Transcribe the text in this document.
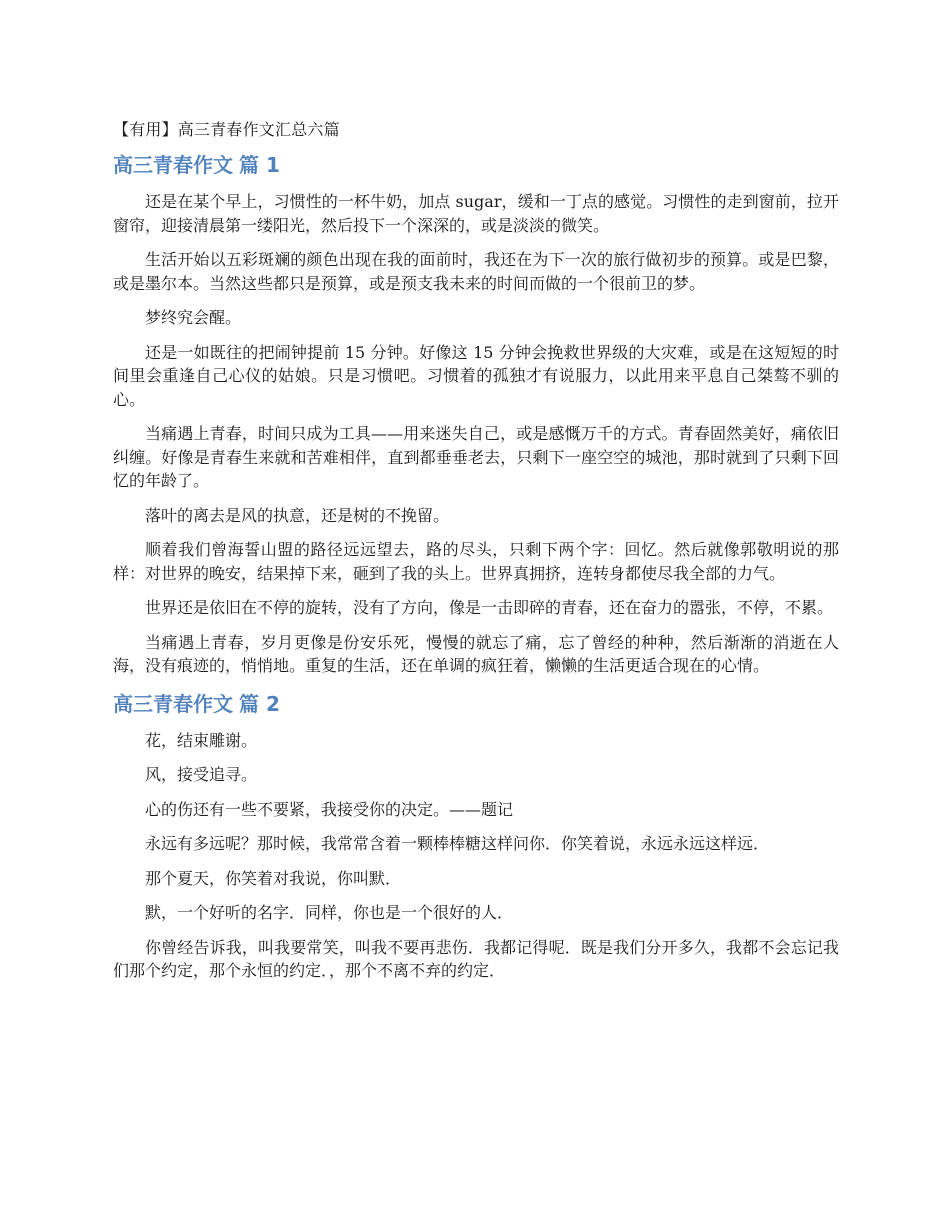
【有用】高三青春作文汇总六篇
高三青春作文 篇 1

还是在某个早上，习惯性的一杯牛奶，加点 sugar，缓和一丁点的感觉。习惯性的走到窗前，拉开窗帘，迎接清晨第一缕阳光，然后投下一个深深的，或是淡淡的微笑。

生活开始以五彩斑斓的颜色出现在我的面前时，我还在为下一次的旅行做初步的预算。或是巴黎，或是墨尔本。当然这些都只是预算，或是预支我未来的时间而做的一个很前卫的梦。

梦终究会醒。

还是一如既往的把闹钟提前 15 分钟。好像这 15 分钟会挽救世界级的大灾难，或是在这短短的时间里会重逢自己心仪的姑娘。只是习惯吧。习惯着的孤独才有说服力，以此用来平息自己桀骜不驯的心。

当痛遇上青春，时间只成为工具——用来迷失自己，或是感慨万千的方式。青春固然美好，痛依旧纠缠。好像是青春生来就和苦难相伴，直到都垂垂老去，只剩下一座空空的城池，那时就到了只剩下回忆的年龄了。

落叶的离去是风的执意，还是树的不挽留。

顺着我们曾海誓山盟的路径远远望去，路的尽头，只剩下两个字：回忆。然后就像郭敬明说的那样：对世界的晚安，结果掉下来，砸到了我的头上。世界真拥挤，连转身都使尽我全部的力气。

世界还是依旧在不停的旋转，没有了方向，像是一击即碎的青春，还在奋力的嚣张，不停，不累。

当痛遇上青春，岁月更像是份安乐死，慢慢的就忘了痛，忘了曾经的种种，然后渐渐的消逝在人海，没有痕迹的，悄悄地。重复的生活，还在单调的疯狂着，懒懒的生活更适合现在的心情。

高三青春作文 篇 2

花，结束雕谢。

风，接受追寻。

心的伤还有一些不要紧，我接受你的决定。——题记

永远有多远呢？那时候，我常常含着一颗棒棒糖这样问你．你笑着说，永远永远这样远．

那个夏天，你笑着对我说，你叫默．

默，一个好听的名字．同样，你也是一个很好的人．

你曾经告诉我，叫我要常笑，叫我不要再悲伤．我都记得呢．既是我们分开多久，我都不会忘记我们那个约定，那个永恒的约定．，那个不离不弃的约定．
